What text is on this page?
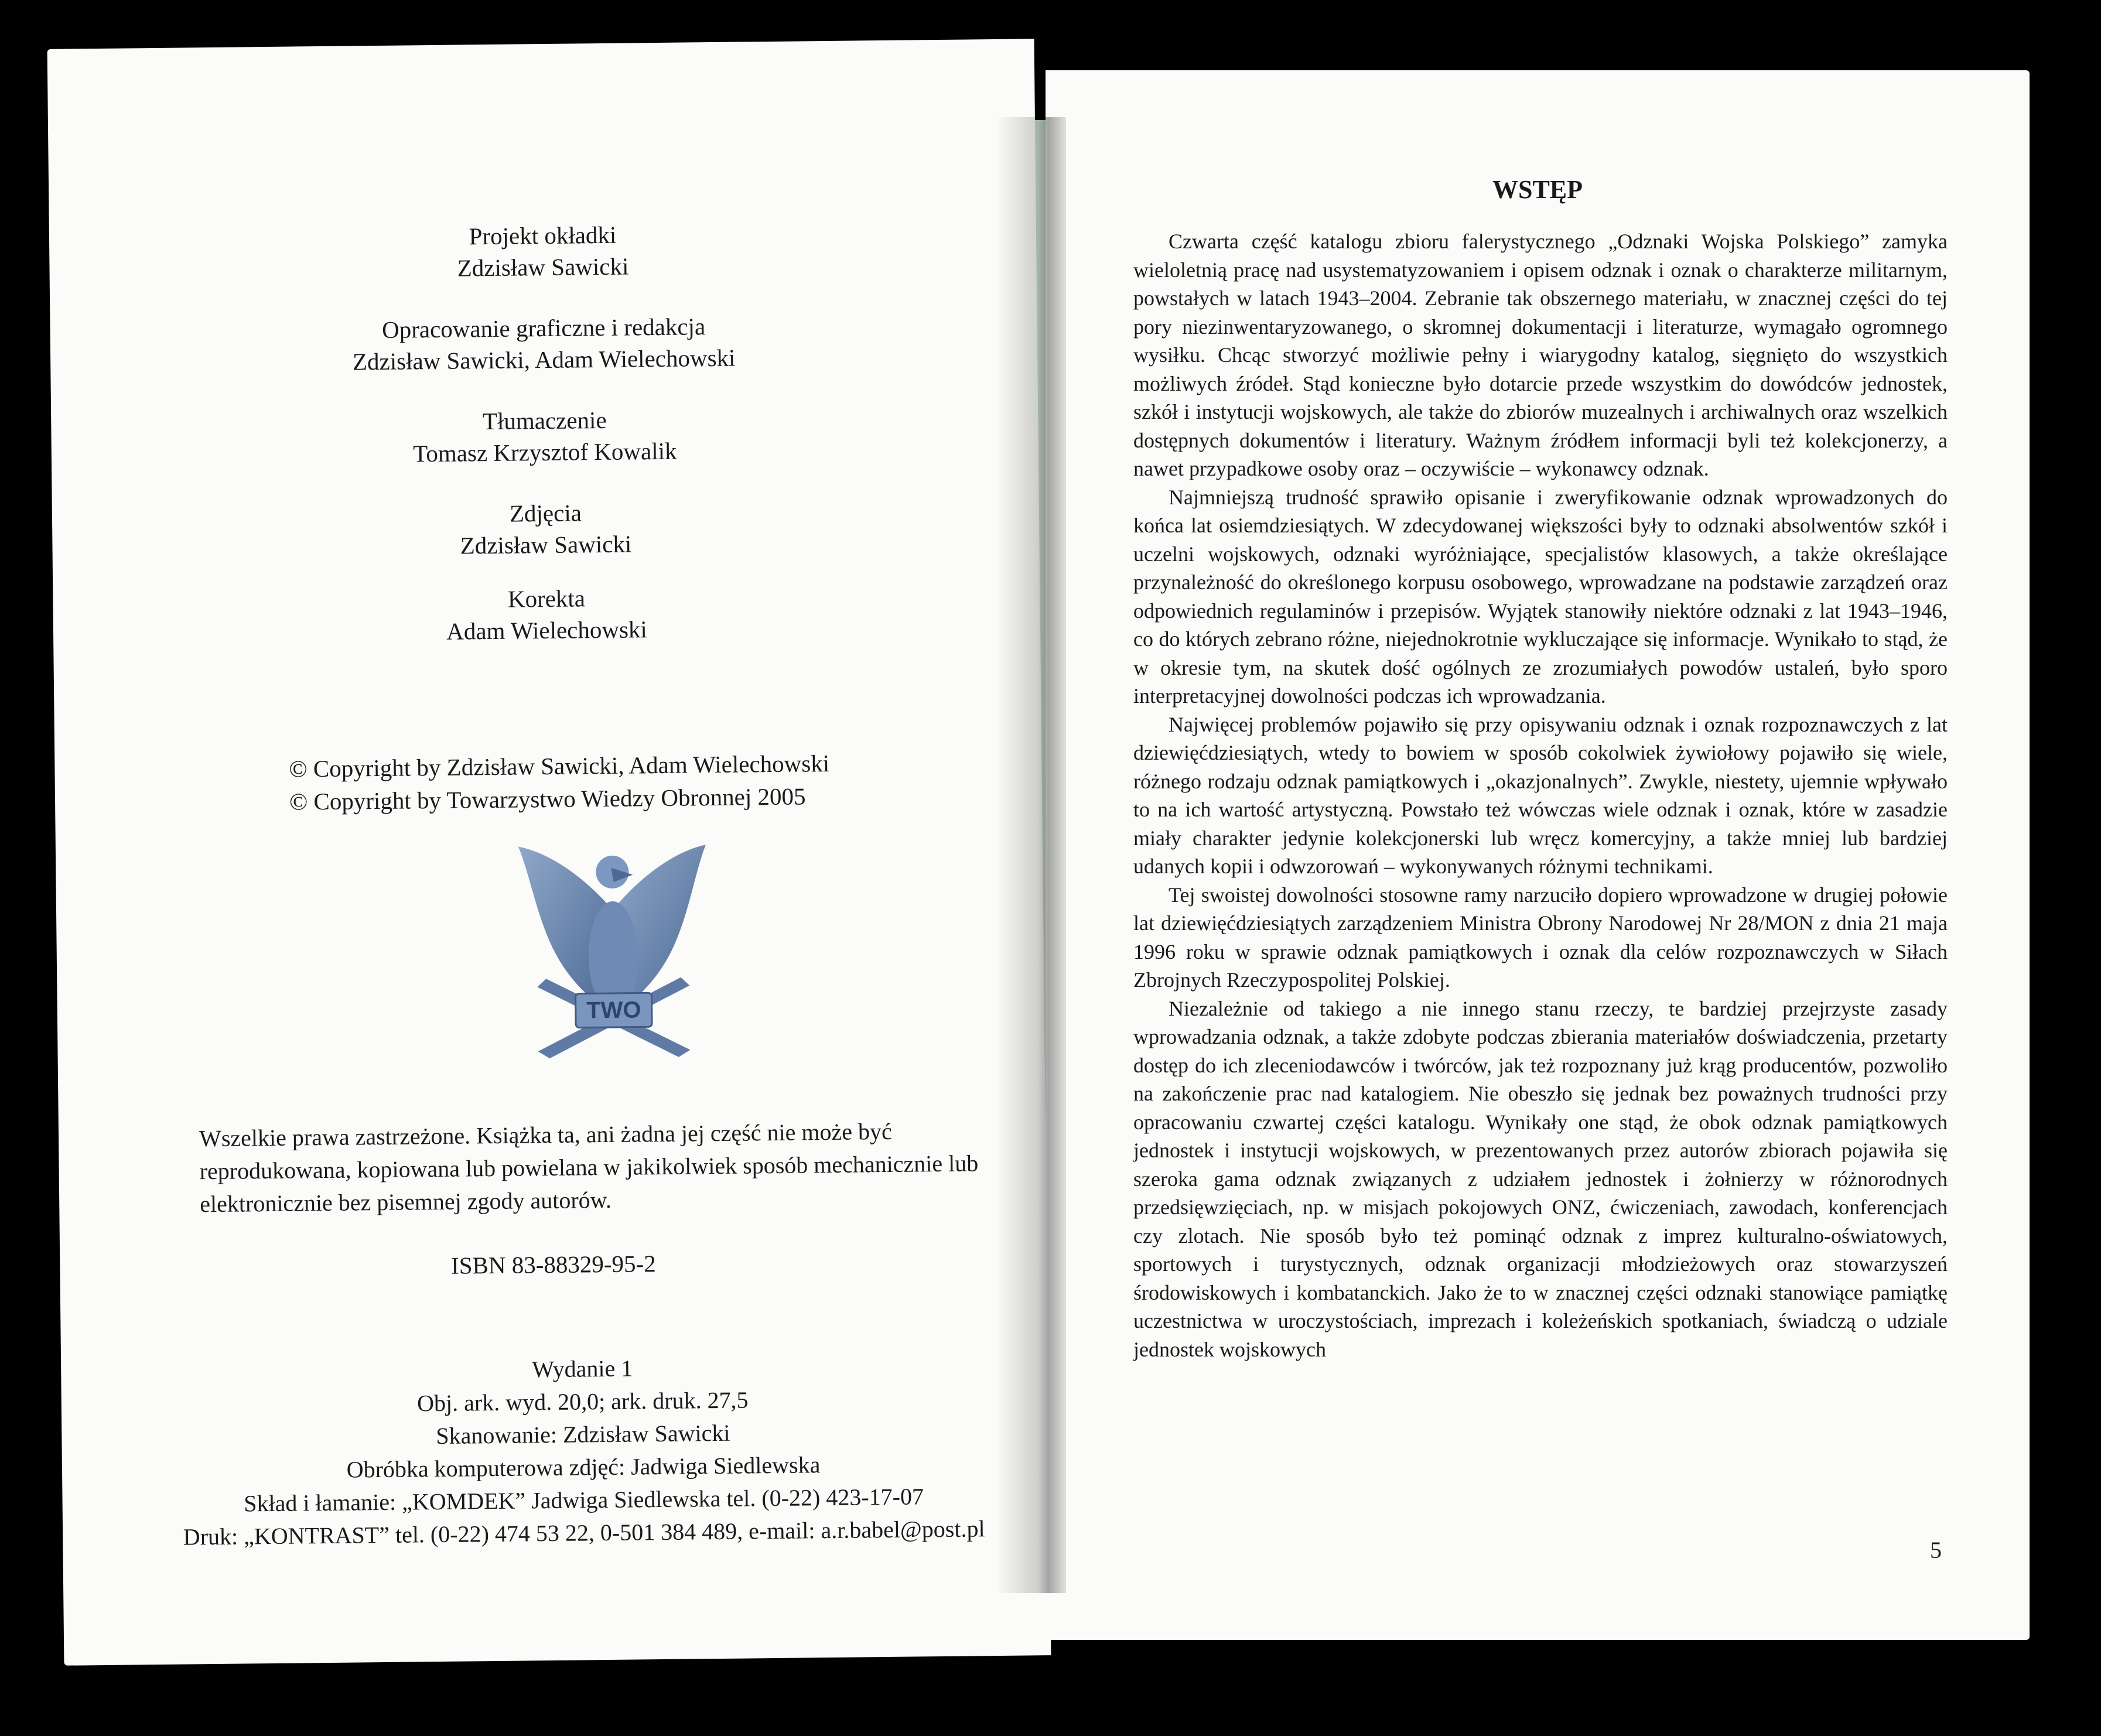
Projekt okładki
Zdzisław Sawicki
Opracowanie graficzne i redakcja
Zdzisław Sawicki, Adam Wielechowski
Tłumaczenie
Tomasz Krzysztof Kowalik
Zdjęcia
Zdzisław Sawicki
Korekta
Adam Wielechowski
© Copyright by Zdzisław Sawicki, Adam Wielechowski
© Copyright by Towarzystwo Wiedzy Obronnej 2005
TWO
Wszelkie prawa zastrzeżone. Książka ta, ani żadna jej część nie może być reprodukowana, kopiowana lub powielana w jakikolwiek sposób mechanicznie lub elektronicznie bez pisemnej zgody autorów.
ISBN 83-88329-95-2
Wydanie 1
Obj. ark. wyd. 20,0; ark. druk. 27,5
Skanowanie: Zdzisław Sawicki
Obróbka komputerowa zdjęć: Jadwiga Siedlewska
Skład i łamanie: „KOMDEK” Jadwiga Siedlewska tel. (0-22) 423-17-07
Druk: „KONTRAST” tel. (0-22) 474 53 22, 0-501 384 489, e-mail: a.r.babel@post.pl
WSTĘP

Czwarta część katalogu zbioru falerystycznego „Odznaki Wojska Polskiego” zamyka wieloletnią pracę nad usystematyzowaniem i opisem odznak i oznak o charakterze militarnym, powstałych w latach 1943–2004. Zebranie tak obszernego materiału, w znacznej części do tej pory niezinwentaryzowanego, o skromnej dokumentacji i literaturze, wymagało ogromnego wysiłku. Chcąc stworzyć możliwie pełny i wiarygodny katalog, sięgnięto do wszystkich możliwych źródeł. Stąd konieczne było dotarcie przede wszystkim do dowódców jednostek, szkół i instytucji wojskowych, ale także do zbiorów muzealnych i archiwalnych oraz wszelkich dostępnych dokumentów i literatury. Ważnym źródłem informacji byli też kolekcjonerzy, a nawet przypadkowe osoby oraz – oczywiście – wykonawcy odznak.

Najmniejszą trudność sprawiło opisanie i zweryfikowanie odznak wprowadzonych do końca lat osiemdziesiątych. W zdecydowanej większości były to odznaki absolwentów szkół i uczelni wojskowych, odznaki wyróżniające, specjalistów klasowych, a także określające przynależność do określonego korpusu osobowego, wprowadzane na podstawie zarządzeń oraz odpowiednich regulaminów i przepisów. Wyjątek stanowiły niektóre odznaki z lat 1943–1946, co do których zebrano różne, niejednokrotnie wykluczające się informacje. Wynikało to stąd, że w okresie tym, na skutek dość ogólnych ze zrozumiałych powodów ustaleń, było sporo interpretacyjnej dowolności podczas ich wprowadzania.

Najwięcej problemów pojawiło się przy opisywaniu odznak i oznak rozpoznawczych z lat dziewięćdziesiątych, wtedy to bowiem w sposób cokolwiek żywiołowy pojawiło się wiele, różnego rodzaju odznak pamiątkowych i „okazjonalnych”. Zwykle, niestety, ujemnie wpływało to na ich wartość artystyczną. Powstało też wówczas wiele odznak i oznak, które w zasadzie miały charakter jedynie kolekcjonerski lub wręcz komercyjny, a także mniej lub bardziej udanych kopii i odwzorowań – wykonywanych różnymi technikami.

Tej swoistej dowolności stosowne ramy narzuciło dopiero wprowadzone w drugiej połowie lat dziewięćdziesiątych zarządzeniem Ministra Obrony Narodowej Nr 28/MON z dnia 21 maja 1996 roku w sprawie odznak pamiątkowych i oznak dla celów rozpoznawczych w Siłach Zbrojnych Rzeczypospolitej Polskiej.

Niezależnie od takiego a nie innego stanu rzeczy, te bardziej przejrzyste zasady wprowadzania odznak, a także zdobyte podczas zbierania materiałów doświadczenia, przetarty dostęp do ich zleceniodawców i twórców, jak też rozpoznany już krąg producentów, pozwoliło na zakończenie prac nad katalogiem. Nie obeszło się jednak bez poważnych trudności przy opracowaniu czwartej części katalogu. Wynikały one stąd, że obok odznak pamiątkowych jednostek i instytucji wojskowych, w prezentowanych przez autorów zbiorach pojawiła się szeroka gama odznak związanych z udziałem jednostek i żołnierzy w różnorodnych przedsięwzięciach, np. w misjach pokojowych ONZ, ćwiczeniach, zawodach, konferencjach czy zlotach. Nie sposób było też pominąć odznak z imprez kulturalno-oświatowych, sportowych i turystycznych, odznak organizacji młodzieżowych oraz stowarzyszeń środowiskowych i kombatanckich. Jako że to w znacznej części odznaki stanowiące pamiątkę uczestnictwa w uroczystościach, imprezach i koleżeńskich spotkaniach, świadczą o udziale jednostek wojskowych

5
